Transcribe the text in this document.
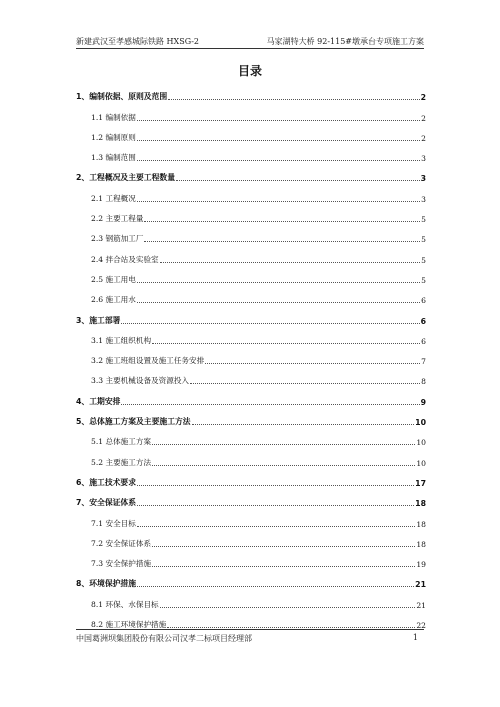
新建武汉至孝感城际铁路 HXSG-2	马家湖特大桥 92-115#墩承台专项施工方案
目录
1、编制依据、原则及范围	2
1.1 编制依据	2
1.2 编制原则	2
1.3 编制范围	3
2、工程概况及主要工程数量	3
2.1 工程概况	3
2.2 主要工程量	5
2.3 钢筋加工厂	5
2.4 拌合站及实验室	5
2.5 施工用电	5
2.6 施工用水	6
3、施工部署	6
3.1 施工组织机构	6
3.2 施工班组设置及施工任务安排	7
3.3 主要机械设备及资源投入	8
4、工期安排	9
5、总体施工方案及主要施工方法	10
5.1 总体施工方案	10
5.2 主要施工方法	10
6、施工技术要求	17
7、安全保证体系	18
7.1 安全目标	18
7.2 安全保证体系	18
7.3 安全保护措施	19
8、环境保护措施	21
8.1 环保、水保目标	21
8.2 施工环境保护措施	22
中国葛洲坝集团股份有限公司汉孝二标项目经理部	1
